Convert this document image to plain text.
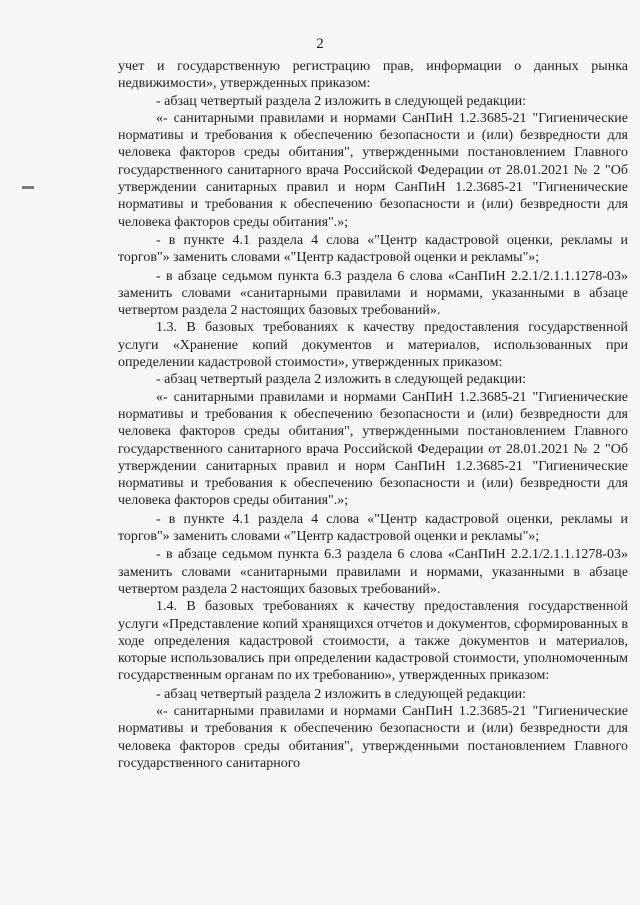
2

учет и государственную регистрацию прав, информации о данных рынка недвижимости», утвержденных приказом:

- абзац четвертый раздела 2 изложить в следующей редакции:

«- санитарными правилами и нормами СанПиН 1.2.3685-21 "Гигиенические нормативы и требования к обеспечению безопасности и (или) безвредности для человека факторов среды обитания", утвержденными постановлением Главного государственного санитарного врача Российской Федерации от 28.01.2021 № 2 "Об утверждении санитарных правил и норм СанПиН 1.2.3685-21 "Гигиенические нормативы и требования к обеспечению безопасности и (или) безвредности для человека факторов среды обитания".»;

- в пункте 4.1 раздела 4 слова «"Центр кадастровой оценки, рекламы и торгов"» заменить словами «"Центр кадастровой оценки и рекламы"»;

- в абзаце седьмом пункта 6.3 раздела 6 слова «СанПиН 2.2.1/2.1.1.1278-03» заменить словами «санитарными правилами и нормами, указанными в абзаце четвертом раздела 2 настоящих базовых требований».

1.3. В базовых требованиях к качеству предоставления государственной услуги «Хранение копий документов и материалов, использованных при определении кадастровой стоимости», утвержденных приказом:

- абзац четвертый раздела 2 изложить в следующей редакции:

«- санитарными правилами и нормами СанПиН 1.2.3685-21 "Гигиенические нормативы и требования к обеспечению безопасности и (или) безвредности для человека факторов среды обитания", утвержденными постановлением Главного государственного санитарного врача Российской Федерации от 28.01.2021 № 2 "Об утверждении санитарных правил и норм СанПиН 1.2.3685-21 "Гигиенические нормативы и требования к обеспечению безопасности и (или) безвредности для человека факторов среды обитания".»;

- в пункте 4.1 раздела 4 слова «"Центр кадастровой оценки, рекламы и торгов"» заменить словами «"Центр кадастровой оценки и рекламы"»;

- в абзаце седьмом пункта 6.3 раздела 6 слова «СанПиН 2.2.1/2.1.1.1278-03» заменить словами «санитарными правилами и нормами, указанными в абзаце четвертом раздела 2 настоящих базовых требований».

1.4. В базовых требованиях к качеству предоставления государственной услуги «Представление копий хранящихся отчетов и документов, сформированных в ходе определения кадастровой стоимости, а также документов и материалов, которые использовались при определении кадастровой стоимости, уполномоченным государственным органам по их требованию», утвержденных приказом:

- абзац четвертый раздела 2 изложить в следующей редакции:

«- санитарными правилами и нормами СанПиН 1.2.3685-21 "Гигиенические нормативы и требования к обеспечению безопасности и (или) безвредности для человека факторов среды обитания", утвержденными постановлением Главного государственного санитарного
